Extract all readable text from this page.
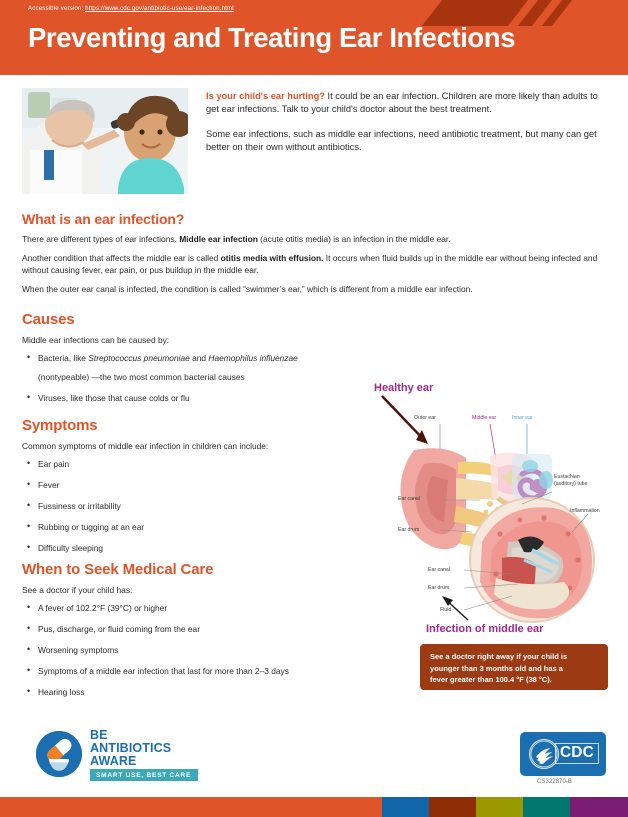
Accessible version: https://www.cdc.gov/antibiotic-use/ear-infection.html
Preventing and Treating Ear Infections

Is your child's ear hurting? It could be an ear infection. Children are more likely than adults to get ear infections. Talk to your child's doctor about the best treatment.

Some ear infections, such as middle ear infections, need antibiotic treatment, but many can get better on their own without antibiotics.

What is an ear infection?

There are different types of ear infections. Middle ear infection (acute otitis media) is an infection in the middle ear.

Another condition that affects the middle ear is called otitis media with effusion. It occurs when fluid builds up in the middle ear without being infected and without causing fever, ear pain, or pus buildup in the middle ear.

When the outer ear canal is infected, the condition is called “swimmer’s ear,” which is different from a middle ear infection.

Causes

Middle ear infections can be caused by:

• Bacteria, like Streptococcus pneumoniae and Haemophilus influenzae
(nontypeable) —the two most common bacterial causes
• Viruses, like those that cause colds or flu
Symptoms

Common symptoms of middle ear infection in children can include:

• Ear pain
• Fever
• Fussiness or irritability
• Rubbing or tugging at an ear
• Difficulty sleeping
When to Seek Medical Care

See a doctor if your child has:

• A fever of 102.2°F (39°C) or higher
• Pus, discharge, or fluid coming from the ear
• Worsening symptoms
• Symptoms of a middle ear infection that last for more than 2–3 days
• Hearing loss
Healthy ear
Infection of middle ear
Outer ear	Middle ear	Inner ear
Eustachian
(auditory) tube
Inflammation
Ear canal
Ear drum
Ear canal
Ear drum
Fluid

See a doctor right away if your child is

younger than 3 months old and has a

fever greater than 100.4 °F (38 °C).

BE
ANTIBIOTICS
AWARE
SMART USE, BEST CARE
CDC
CS322870-B
